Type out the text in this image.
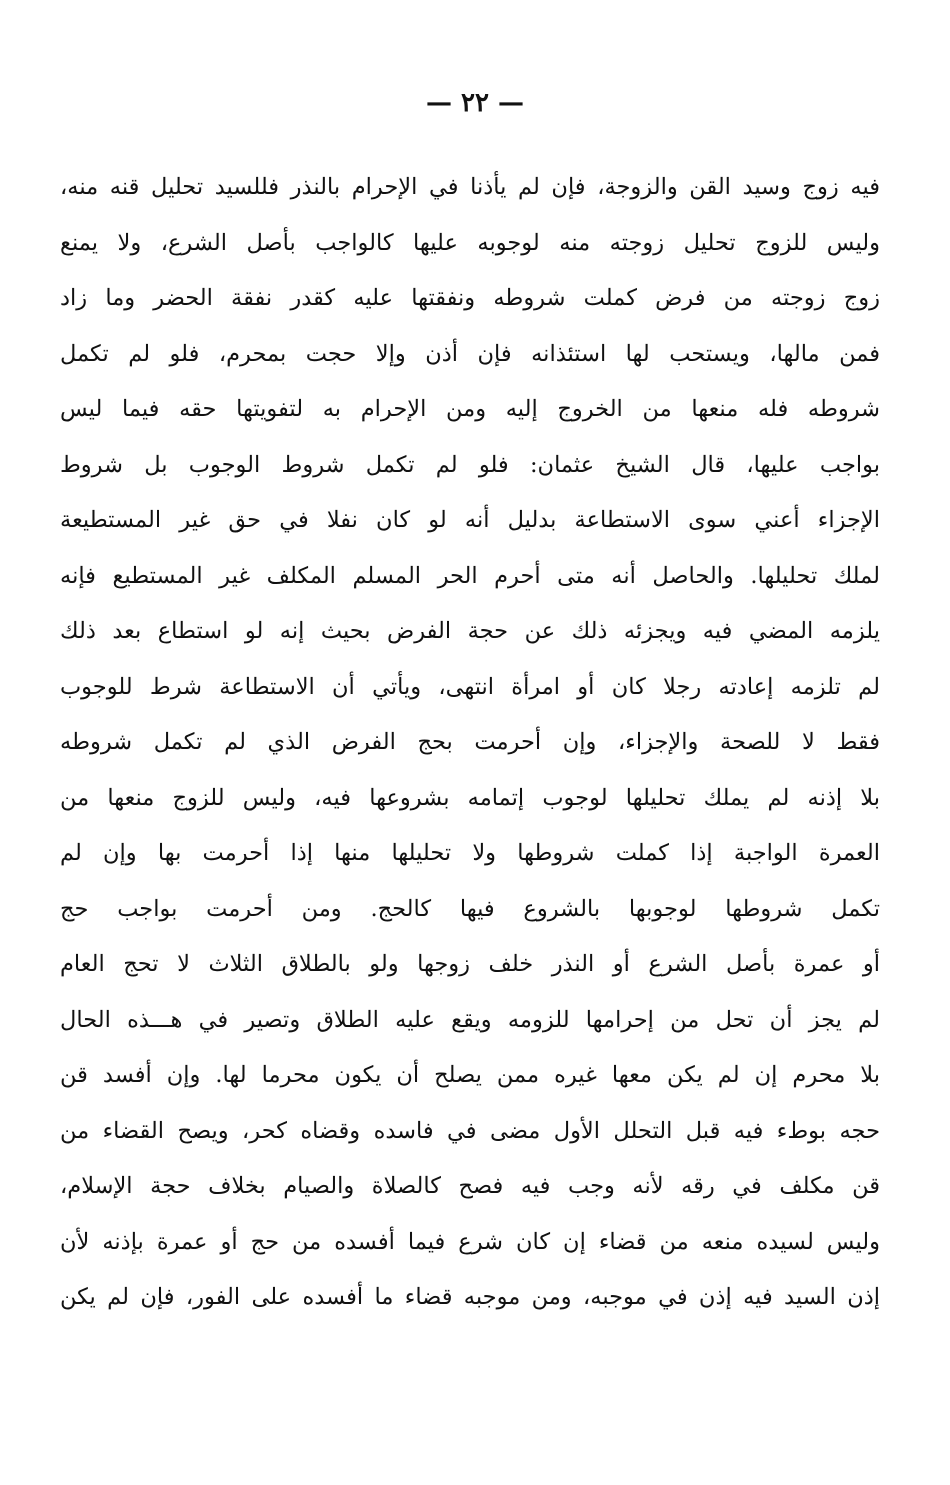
— ٢٢ —
فيه زوج وسيد القن والزوجة، فإن لم يأذنا في الإحرام بالنذر فللسيد تحليل قنه منه،
وليس للزوج تحليل زوجته منه لوجوبه عليها كالواجب بأصل الشرع، ولا يمنع
زوج زوجته من فرض كملت شروطه ونفقتها عليه كقدر نفقة الحضر وما زاد
فمن مالها، ويستحب لها استئذانه فإن أذن وإلا حجت بمحرم، فلو لم تكمل
شروطه فله منعها من الخروج إليه ومن الإحرام به لتفويتها حقه فيما ليس
بواجب عليها، قال الشيخ عثمان: فلو لم تكمل شروط الوجوب بل شروط
الإجزاء أعني سوى الاستطاعة بدليل أنه لو كان نفلا في حق غير المستطيعة
لملك تحليلها. والحاصل أنه متى أحرم الحر المسلم المكلف غير المستطيع فإنه
يلزمه المضي فيه ويجزئه ذلك عن حجة الفرض بحيث إنه لو استطاع بعد ذلك
لم تلزمه إعادته رجلا كان أو امرأة انتهى، ويأتي أن الاستطاعة شرط للوجوب
فقط لا للصحة والإجزاء، وإن أحرمت بحج الفرض الذي لم تكمل شروطه
بلا إذنه لم يملك تحليلها لوجوب إتمامه بشروعها فيه، وليس للزوج منعها من
العمرة الواجبة إذا كملت شروطها ولا تحليلها منها إذا أحرمت بها وإن لم
تكمل شروطها لوجوبها بالشروع فيها كالحج. ومن أحرمت بواجب حج
أو عمرة بأصل الشرع أو النذر خلف زوجها ولو بالطلاق الثلاث لا تحج العام
لم يجز أن تحل من إحرامها للزومه ويقع عليه الطلاق وتصير في هـــذه الحال
بلا محرم إن لم يكن معها غيره ممن يصلح أن يكون محرما لها. وإن أفسد قن
حجه بوطء فيه قبل التحلل الأول مضى في فاسده وقضاه كحر، ويصح القضاء من
قن مكلف في رقه لأنه وجب فيه فصح كالصلاة والصيام بخلاف حجة الإسلام،
وليس لسيده منعه من قضاء إن كان شرع فيما أفسده من حج أو عمرة بإذنه لأن
إذن السيد فيه إذن في موجبه، ومن موجبه قضاء ما أفسده على الفور، فإن لم يكن
